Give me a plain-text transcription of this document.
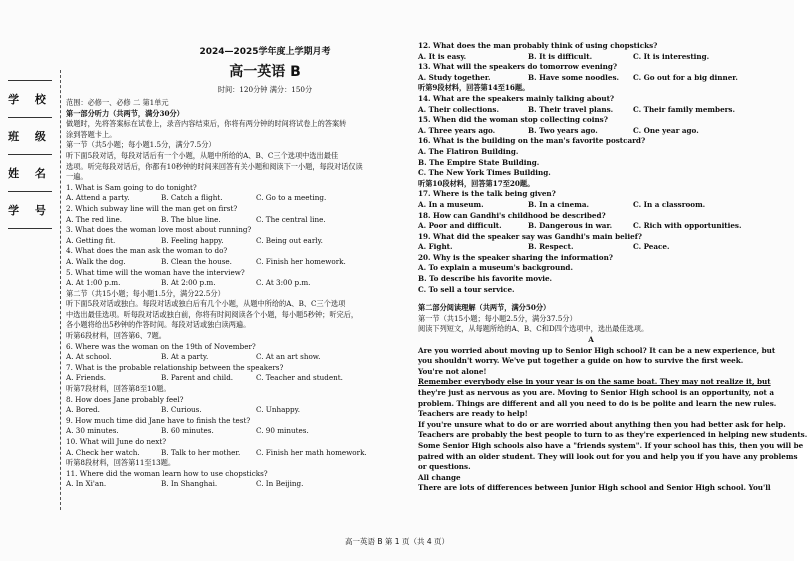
学 校
班 级
姓 名
学 号
2024—2025学年度上学期月考
高一英语 B
时间：120分钟 满分：150分
范围：必修一、必修 二 第1单元
第一部分听力（共两节，满分30分）
做题时，先将答案标在试卷上，录音内容结束后，你将有两分钟的时间将试卷上的答案转
涂到答题卡上。
第一节（共5小题；每小题1.5分，满分7.5分）
听下面5段对话，每段对话后有一个小题，从题中所给的A、B、C三个选项中选出最佳
选项。听完每段对话后，你都有10秒钟的时间来回答有关小题和阅读下一小题，每段对话仅读
一遍。
1. What is Sam going to do tonight?
A. Attend a party.	B. Catch a flight.	C. Go to a meeting.
2. Which subway line will the man get on first?
A. The red line.	B. The blue line.	C. The central line.
3. What does the woman love most about running?
A. Getting fit.	B. Feeling happy.	C. Being out early.
4. What does the man ask the woman to do?
A. Walk the dog.	B. Clean the house.	C. Finish her homework.
5. What time will the woman have the interview?
A. At 1:00 p.m.	B. At 2:00 p.m.	C. At 3:00 p.m.
第二节（共15小题；每小题1.5分，满分22.5分）
听下面5段对话或独白。每段对话或独白后有几个小题，从题中所给的A、B、C三个选项
中选出最佳选项。听每段对话或独白前，你将有时间阅读各个小题，每小题5秒钟；听完后，
各小题将给出5秒钟的作答时间。每段对话或独白读两遍。
听第6段材料，回答第6、7题。
6. Where was the woman on the 19th of November?
A. At school.	B. At a party.	C. At an art show.
7. What is the probable relationship between the speakers?
A. Friends.	B. Parent and child.	C. Teacher and student.
听第7段材料，回答第8至10题。
8. How does Jane probably feel?
A. Bored.	B. Curious.	C. Unhappy.
9. How much time did Jane have to finish the test?
A. 30 minutes.	B. 60 minutes.	C. 90 minutes.
10. What will June do next?
A. Check her watch.	B. Talk to her mother.	C. Finish her math homework.
听第8段材料，回答第11至13题。
11. Where did the woman learn how to use chopsticks?
A. In Xi'an.	B. In Shanghai.	C. In Beijing.
12. What does the man probably think of using chopsticks?
A. It is easy.	B. It is difficult.	C. It is interesting.
13. What will the speakers do tomorrow evening?
A. Study together.	B. Have some noodles.	C. Go out for a big dinner.
听第9段材料，回答第14至16题。
14. What are the speakers mainly talking about?
A. Their collections.	B. Their travel plans.	C. Their family members.
15. When did the woman stop collecting coins?
A. Three years ago.	B. Two years ago.	C. One year ago.
16. What is the building on the man's favorite postcard?
A. The Flatiron Building.
B. The Empire State Building.
C. The New York Times Building.
听第10段材料，回答第17至20题。
17. Where is the talk being given?
A. In a museum.	B. In a cinema.	C. In a classroom.
18. How can Gandhi's childhood be described?
A. Poor and difficult.	B. Dangerous in war.	C. Rich with opportunities.
19. What did the speaker say was Gandhi's main belief?
A. Fight.	B. Respect.	C. Peace.
20. Why is the speaker sharing the information?
A. To explain a museum's background.
B. To describe his favorite movie.
C. To sell a tour service.
第二部分阅读理解（共两节，满分50分）
第一节（共15小题；每小题2.5分，满分37.5分）
阅读下列短文，从每题所给的A、B、C和D四个选项中，选出最佳选项。
A
Are you worried about moving up to Senior High school? It can be a new experience, but
you shouldn't worry. We've put together a guide on how to survive the first week.
You're not alone!
Remember everybody else in your year is on the same boat. They may not realize it, but
they're just as nervous as you are. Moving to Senior High school is an opportunity, not a
problem. Things are different and all you need to do is be polite and learn the new rules.
Teachers are ready to help!
If you're unsure what to do or are worried about anything then you had better ask for help.
Teachers are probably the best people to turn to as they're experienced in helping new students.
Some Senior High schools also have a "friends system". If your school has this, then you will be
paired with an older student. They will look out for you and help you if you have any problems
or questions.
All change
There are lots of differences between Junior High school and Senior High school. You'll
高一英语 B 第 1 页（共 4 页）
